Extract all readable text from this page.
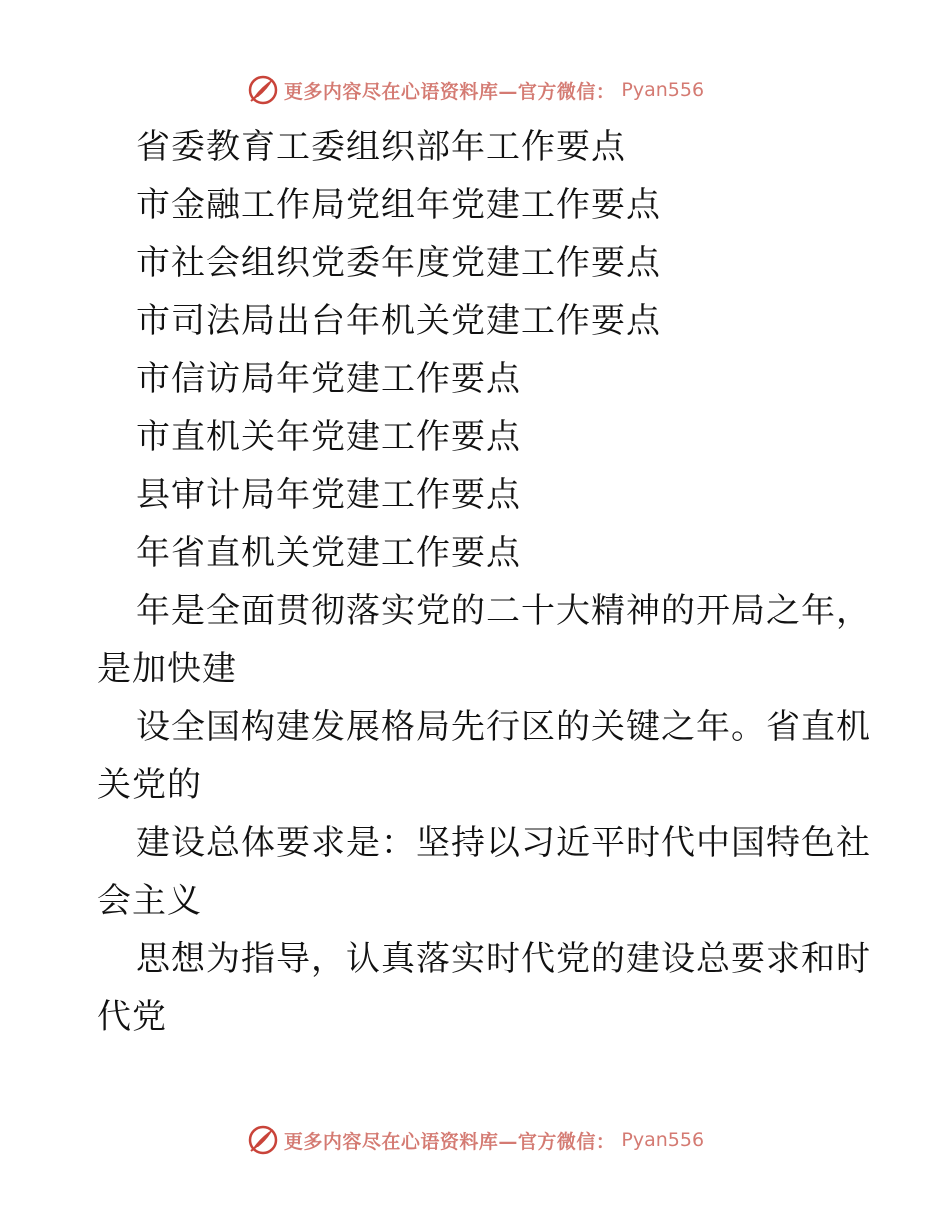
更多内容尽在心语资料库—官方微信： Pyan556
省委教育工委组织部年工作要点
市金融工作局党组年党建工作要点
市社会组织党委年度党建工作要点
市司法局出台年机关党建工作要点
市信访局年党建工作要点
市直机关年党建工作要点
县审计局年党建工作要点
年省直机关党建工作要点
年是全面贯彻落实党的二十大精神的开局之年，
是加快建
设全国构建发展格局先行区的关键之年。省直机
关党的
建设总体要求是：坚持以习近平时代中国特色社
会主义
思想为指导，认真落实时代党的建设总要求和时
代党
更多内容尽在心语资料库—官方微信： Pyan556
